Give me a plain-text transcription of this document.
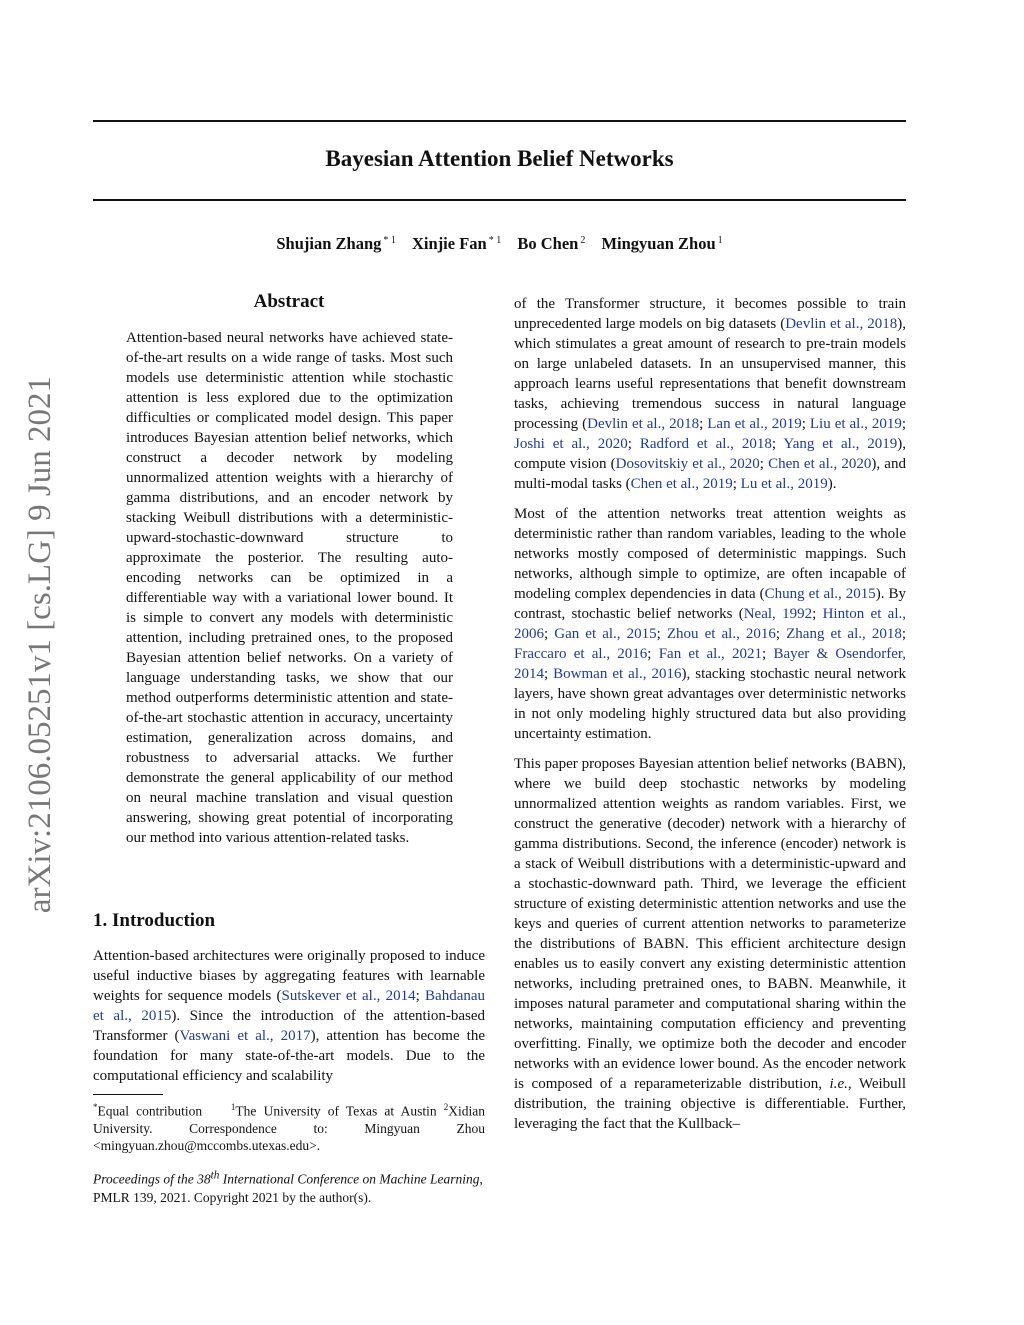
Bayesian Attention Belief Networks
Shujian Zhang $^{* 1}$ Xinjie Fan $^{* 1}$ Bo Chen $^2$ Mingyuan Zhou $^1$
arXiv:2106.05251v1 [cs.LG] 9 Jun 2021
Abstract
Attention-based neural networks have achieved state-of-the-art results on a wide range of tasks. Most such models use deterministic attention while stochastic attention is less explored due to the optimization difficulties or complicated model design. This paper introduces Bayesian attention belief networks, which construct a decoder network by modeling unnormalized attention weights with a hierarchy of gamma distributions, and an encoder network by stacking Weibull distributions with a deterministic-upward-stochastic-downward structure to approximate the posterior. The resulting auto-encoding networks can be optimized in a differentiable way with a variational lower bound. It is simple to convert any models with deterministic attention, including pretrained ones, to the proposed Bayesian attention belief networks. On a variety of language understanding tasks, we show that our method outperforms deterministic attention and state-of-the-art stochastic attention in accuracy, uncertainty estimation, generalization across domains, and robustness to adversarial attacks. We further demonstrate the general applicability of our method on neural machine translation and visual question answering, showing great potential of incorporating our method into various attention-related tasks.
1. Introduction
Attention-based architectures were originally proposed to induce useful inductive biases by aggregating features with learnable weights for sequence models (Sutskever et al., 2014; Bahdanau et al., 2015). Since the introduction of the attention-based Transformer (Vaswani et al., 2017), attention has become the foundation for many state-of-the-art models. Due to the computational efficiency and scalability
*Equal contribution	$^1$The University of Texas at Austin $^2$Xidian University.	Correspondence to: Mingyuan Zhou <mingyuan.zhou@mccombs.utexas.edu>.
Proceedings of the 38th International Conference on Machine Learning, PMLR 139, 2021. Copyright 2021 by the author(s).

of the Transformer structure, it becomes possible to train unprecedented large models on big datasets (Devlin et al., 2018), which stimulates a great amount of research to pre-train models on large unlabeled datasets. In an unsupervised manner, this approach learns useful representations that benefit downstream tasks, achieving tremendous success in natural language processing (Devlin et al., 2018; Lan et al., 2019; Liu et al., 2019; Joshi et al., 2020; Radford et al., 2018; Yang et al., 2019), compute vision (Dosovitskiy et al., 2020; Chen et al., 2020), and multi-modal tasks (Chen et al., 2019; Lu et al., 2019).

Most of the attention networks treat attention weights as deterministic rather than random variables, leading to the whole networks mostly composed of deterministic mappings. Such networks, although simple to optimize, are often incapable of modeling complex dependencies in data (Chung et al., 2015). By contrast, stochastic belief networks (Neal, 1992; Hinton et al., 2006; Gan et al., 2015; Zhou et al., 2016; Zhang et al., 2018; Fraccaro et al., 2016; Fan et al., 2021; Bayer & Osendorfer, 2014; Bowman et al., 2016), stacking stochastic neural network layers, have shown great advantages over deterministic networks in not only modeling highly structured data but also providing uncertainty estimation.

This paper proposes Bayesian attention belief networks (BABN), where we build deep stochastic networks by modeling unnormalized attention weights as random variables. First, we construct the generative (decoder) network with a hierarchy of gamma distributions. Second, the inference (encoder) network is a stack of Weibull distributions with a deterministic-upward and a stochastic-downward path. Third, we leverage the efficient structure of existing deterministic attention networks and use the keys and queries of current attention networks to parameterize the distributions of BABN. This efficient architecture design enables us to easily convert any existing deterministic attention networks, including pretrained ones, to BABN. Meanwhile, it imposes natural parameter and computational sharing within the networks, maintaining computation efficiency and preventing overfitting. Finally, we optimize both the decoder and encoder networks with an evidence lower bound. As the encoder network is composed of a reparameterizable distribution, i.e., Weibull distribution, the training objective is differentiable. Further, leveraging the fact that the Kullback–
